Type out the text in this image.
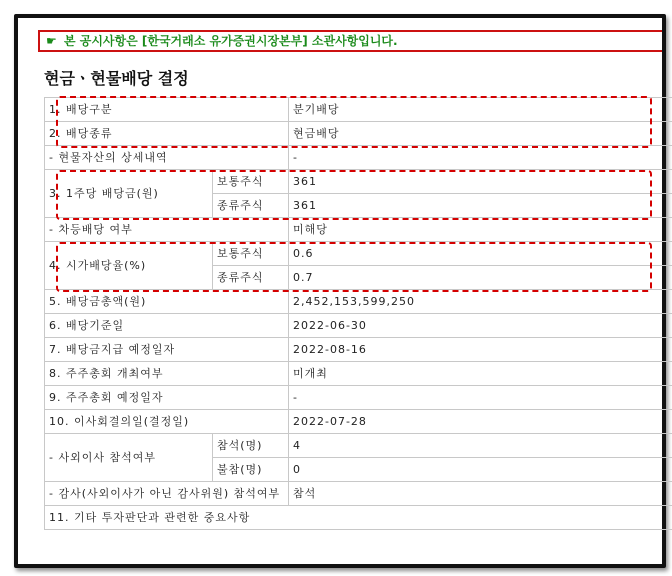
☛ 본 공시사항은 [한국거래소 유가증권시장본부] 소관사항입니다.
현금ㆍ현물배당 결정
1. 배당구분		분기배당
2. 배당종류		현금배당
- 현물자산의 상세내역		-
3. 1주당 배당금(원)	보통주식	361
	종류주식	361
- 차등배당 여부		미해당
4. 시가배당율(%)	보통주식	0.6
	종류주식	0.7
5. 배당금총액(원)		2,452,153,599,250
6. 배당기준일		2022-06-30
7. 배당금지급 예정일자		2022-08-16
8. 주주총회 개최여부		미개최
9. 주주총회 예정일자		-
10. 이사회결의일(결정일)		2022-07-28
- 사외이사 참석여부	참석(명)	4
	불참(명)	0
- 감사(사외이사가 아닌 감사위원) 참석여부		참석
11. 기타 투자판단과 관련한 중요사항		
